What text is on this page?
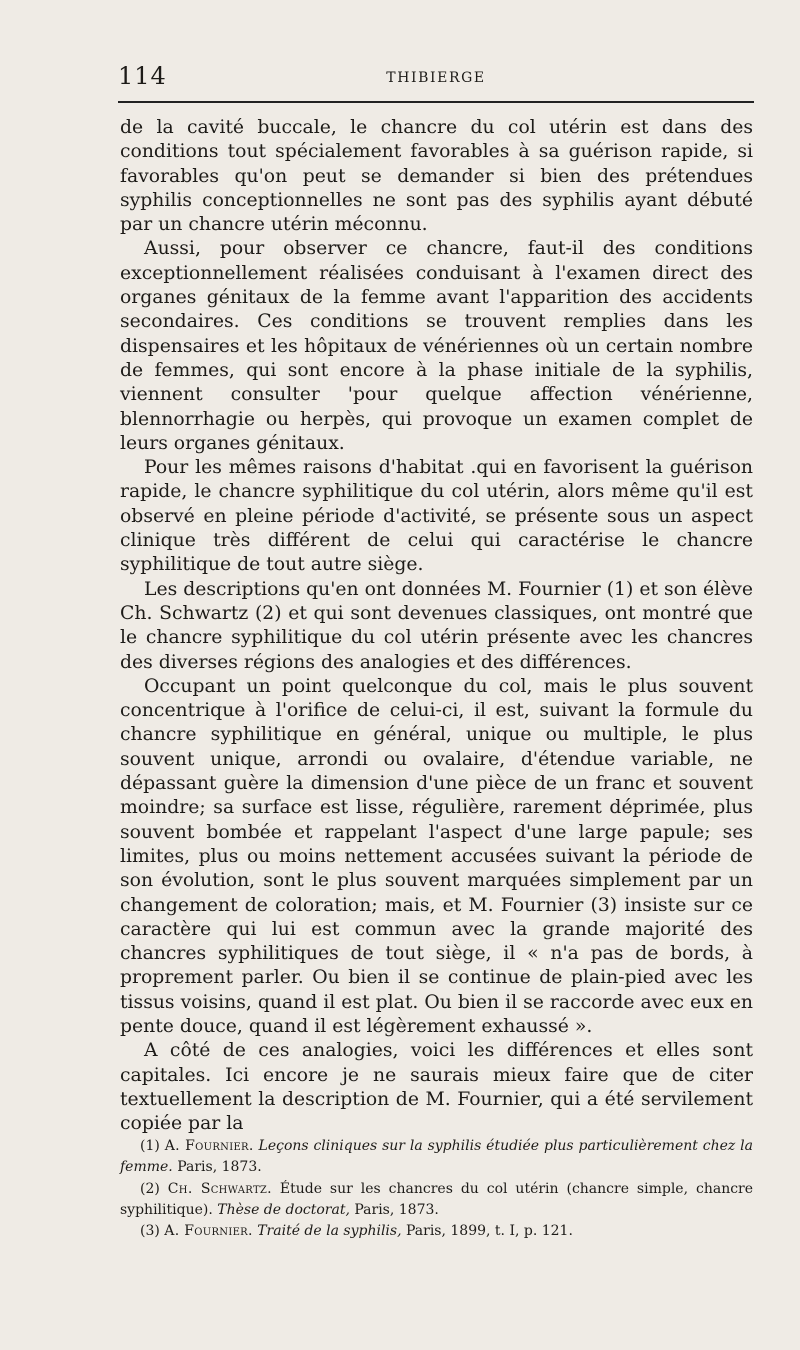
114	THIBIERGE

de la cavité buccale, le chancre du col utérin est dans des conditions tout spécialement favorables à sa guérison rapide, si favorables qu'on peut se demander si bien des prétendues syphilis conceptionnelles ne sont pas des syphilis ayant débuté par un chancre utérin méconnu.

Aussi, pour observer ce chancre, faut-il des conditions exceptionnellement réalisées conduisant à l'examen direct des organes génitaux de la femme avant l'apparition des accidents secondaires. Ces conditions se trouvent remplies dans les dispensaires et les hôpitaux de vénériennes où un certain nombre de femmes, qui sont encore à la phase initiale de la syphilis, viennent consulter 'pour quelque affection vénérienne, blennorrhagie ou herpès, qui provoque un examen complet de leurs organes génitaux.

Pour les mêmes raisons d'habitat .qui en favorisent la guérison rapide, le chancre syphilitique du col utérin, alors même qu'il est observé en pleine période d'activité, se présente sous un aspect clinique très différent de celui qui caractérise le chancre syphilitique de tout autre siège.

Les descriptions qu'en ont données M. Fournier (1) et son élève Ch. Schwartz (2) et qui sont devenues classiques, ont montré que le chancre syphilitique du col utérin présente avec les chancres des diverses régions des analogies et des différences.

Occupant un point quelconque du col, mais le plus souvent concentrique à l'orifice de celui-ci, il est, suivant la formule du chancre syphilitique en général, unique ou multiple, le plus souvent unique, arrondi ou ovalaire, d'étendue variable, ne dépassant guère la dimension d'une pièce de un franc et souvent moindre; sa surface est lisse, régulière, rarement déprimée, plus souvent bombée et rappelant l'aspect d'une large papule; ses limites, plus ou moins nettement accusées suivant la période de son évolution, sont le plus souvent marquées simplement par un changement de coloration; mais, et M. Fournier (3) insiste sur ce caractère qui lui est commun avec la grande majorité des chancres syphilitiques de tout siège, il « n'a pas de bords, à proprement parler. Ou bien il se continue de plain-pied avec les tissus voisins, quand il est plat. Ou bien il se raccorde avec eux en pente douce, quand il est légèrement exhaussé ».

A côté de ces analogies, voici les différences et elles sont capitales. Ici encore je ne saurais mieux faire que de citer textuellement la description de M. Fournier, qui a été servilement copiée par la

(1) A. Fournier. Leçons cliniques sur la syphilis étudiée plus particulièrement chez la femme. Paris, 1873.

(2) Ch. Schwartz. Étude sur les chancres du col utérin (chancre simple, chancre syphilitique). Thèse de doctorat, Paris, 1873.

(3) A. Fournier. Traité de la syphilis, Paris, 1899, t. I, p. 121.
